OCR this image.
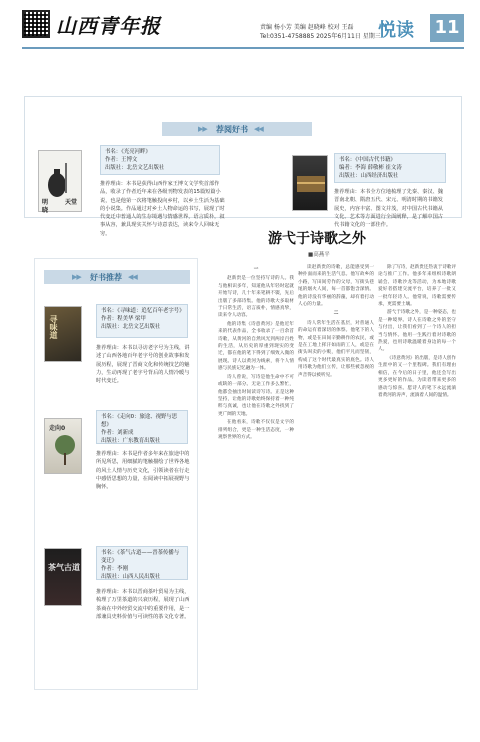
山西青年报	责编 杨小芳 美编 赵晓峰 校对 王磊
Tel:0351-4758885 2025年6月11日 星期三
悦读 11
▶▶ 荐阅好书 ◀◀
明	天堂
晓
书名：《光亮河畔》
作者：王博文
出版社：北岳文艺出版社
推荐理由：本书是获得山西作家王博文文学奖首部作品，收录了作者近年来在各级刊物发表的15篇短篇小说，也是他第一次将笔触投向乡村，以乡土生活为基础的小说集。作品通过对乡土人物命运的书写，展现了时代变迁中普通人的生存境遇与情感世界，语言质朴，叙事从容，兼具现实关怀与诗意表达，读来令人回味无穷。
书名：《中国古代书籍》
编者：李海 薛敬彬 崔文涛
出版社：山西经济出版社
推荐理由：本书全方位地梳理了先秦、秦汉、魏晋南北朝、隋唐五代、宋元、明清时期的书籍发展史，内容丰富、图文并茂，对中国古代书籍从文化、艺术等方面进行全面阐释，是了解中国古代书籍文化的一部佳作。
▶▶ 好书推荐 ◀◀
寻味道
书名：《寻味道：追忆百年老字号》
作者：程美华 梁甲
出版社：北岳文艺出版社
推荐理由：本书以寻访老字号为主线，讲述了山西各地百年老字号的创业故事和发展历程，展现了晋商文化和传统技艺的魅力，生动再现了老字号背后的人情冷暖与时代变迁。
走向0
书名：《走向0：旅途、视野与思想》
作者：刘新成
出版社：广东教育出版社
推荐理由：本书是作者多年来在旅途中的所见所思，用细腻的笔触描绘了世界各地的风土人情与历史文化，引领读者在行走中感悟思想的力量，在阅读中拓展视野与胸怀。
茶气古道
书名：《茶气古道——晋茶传播与变迁》
作者：李刚
出版社：山西人民出版社
推荐理由：本书以晋商茶叶贸易为主线，梳理了万里茶道的兴衰历程，展现了山西茶商在中外经贸交流中的重要作用，是一部兼具史料价值与可读性的茶文化专著。
游弋于诗歌之外
■高燕平

一

赵新贵是一位坚持写诗的人。我与他相识多年，知道他从年轻时起就开始写诗，几十年来笔耕不辍，先后出版了多部诗集。他的诗歌大多取材于日常生活，语言质朴，情感真挚，读来令人动容。

他的诗集《诗意黄河》是他近年来的代表作品，全书收录了一百余首诗歌，从黄河的自然风光到两岸百姓的生活，从历史的厚重到现实的变迁，都在他的笔下得到了细致入微的展现。诗人以黄河为线索，将个人情感与民族记忆融为一体。

诗人曾说，写诗是他生命中不可或缺的一部分。无论工作多么繁忙，他都会抽出时间读诗写诗。正是这种坚持，让他的诗歌始终保持着一种纯粹与真诚，也让他在诗歌之外找到了更广阔的天地。

在他看来，诗歌不仅仅是文字的排列组合，更是一种生活态度，一种观察世界的方式。

读赵新贵的诗歌，总能感受到一种扑面而来的生活气息。他写故乡的小路，写田间劳作的父母，写街头巷尾的烟火人间，每一首都饱含深情。他的诗没有华丽的辞藻，却有着打动人心的力量。

二

诗人常年生活在基层，对普通人的命运有着深切的体察。他笔下的人物，或是在田间辛勤耕作的农民，或是在工地上挥汗如雨的工人，或是在街头叫卖的小贩，他们平凡而坚韧，构成了这个时代最真实的底色。诗人用诗歌为他们立传，让那些被忽视的声音得以被听见。

除了写诗，赵新贵还热衷于诗歌评论与推广工作。他多年来组织诗歌朗诵会、诗歌沙龙等活动，为本地诗歌爱好者搭建交流平台，培养了一批又一批年轻诗人。他常说，诗歌需要传承，更需要土壤。

游弋于诗歌之外，是一种姿态，也是一种境界。诗人在诗歌之外的坚守与付出，让我们看到了一个诗人的担当与情怀。他用一生践行着对诗歌的热爱，也用诗歌温暖着身边的每一个人。

《诗意黄河》的出版，是诗人创作生涯中的又一个里程碑。我们有理由相信，在今后的日子里，他还会写出更多更好的作品，为读者带来更多的感动与惊喜。愿诗人的笔下永远流淌着黄河的涛声，流淌着人间的温情。
